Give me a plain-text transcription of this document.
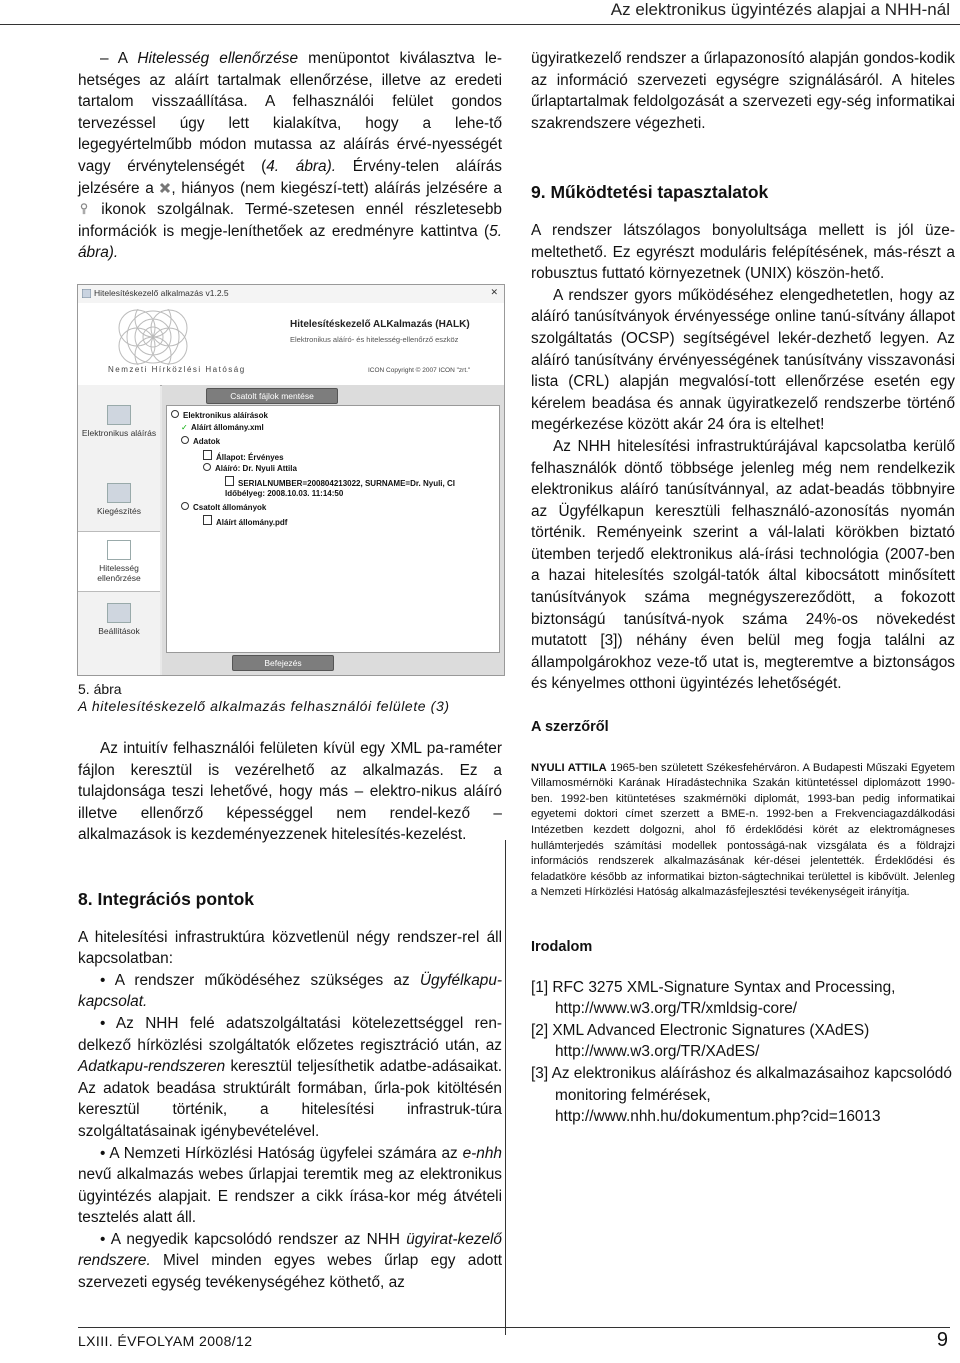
Az elektronikus ügyintézés alapjai a NHH-nál

– A Hitelesség ellenőrzése menüpontot kiválasztva le-hetséges az aláírt tartalmak ellenőrzése, illetve az eredeti tartalom visszaállítása. A felhasználói felület gondos tervezéssel úgy lett kialakítva, hogy a lehe-tő legegyértelműbb módon mutassa az aláírás érvé-nyességét vagy érvénytelenségét (4. ábra). Érvény-telen aláírás jelzésére a , hiányos (nem kiegészí-tett) aláírás jelzésére a  ikonok szolgálnak. Termé-szetesen ennél részletesebb információk is megje-leníthetőek az eredményre kattintva (5. ábra).

Hitelesítéskezelő alkalmazás v1.2.5	✕
Hitelesítéskezelő ALKalmazás (HALK)
Elektronikus aláíró- és hitelesség-ellenőrző eszköz
Nemzeti Hírközlési Hatóság	ICON Copyright © 2007 ICON "zrt."
Elektronikus aláírás
Kiegészítés
Hitelesség ellenőrzése
Beállítások
Csatolt fájlok mentése
Elektronikus aláírások
✓ Aláírt állomány.xml
Adatok
Állapot: Érvényes
Aláíró: Dr. Nyuli Attila
SERIALNUMBER=200804213022, SURNAME=Dr. Nyuli, CI
Időbélyeg: 2008.10.03. 11:14:50
Csatolt állományok
Aláírt állomány.pdf
Befejezés
5. ábra
A hitelesítéskezelő alkalmazás felhasználói felülete (3)

Az intuitív felhasználói felületen kívül egy XML pa-raméter fájlon keresztül is vezérelhető az alkalmazás. Ez a tulajdonsága teszi lehetővé, hogy más – elektro-nikus aláíró illetve ellenőrző képességgel nem rendel-kező – alkalmazások is kezdeményezzenek hitelesítés-kezelést.

8. Integrációs pontok

A hitelesítési infrastruktúra közvetlenül négy rendszer-rel áll kapcsolatban:

• A rendszer működéséhez szükséges az Ügyfélkapu-kapcsolat.

• Az NHH felé adatszolgáltatási kötelezettséggel ren-delkező hírközlési szolgáltatók előzetes regisztráció után, az Adatkapu-rendszeren keresztül teljesíthetik adatbe-adásaikat. Az adatok beadása struktúrált formában, űrla-pok kitöltésén keresztül történik, a hitelesítési infrastruk-túra szolgáltatásainak igénybevételével.

• A Nemzeti Hírközlési Hatóság ügyfelei számára az e-nhh nevű alkalmazás webes űrlapjai teremtik meg az elektronikus ügyintézés alapjait. E rendszer a cikk írása-kor még átvételi tesztelés alatt áll.

• A negyedik kapcsolódó rendszer az NHH ügyirat-kezelő rendszere. Mivel minden egyes webes űrlap egy adott szervezeti egység tevékenységéhez köthető, az

ügyiratkezelő rendszer a űrlapazonosító alapján gondos-kodik az információ szervezeti egységre szignálásáról. A hiteles űrlaptartalmak feldolgozását a szervezeti egy-ség informatikai szakrendszere végezheti.

9. Működtetési tapasztalatok

A rendszer látszólagos bonyolultsága mellett is jól üze-meltethető. Ez egyrészt moduláris felépítésének, más-részt a robusztus futtató környezetnek (UNIX) köszön-hető.

A rendszer gyors működéséhez elengedhetetlen, hogy az aláíró tanúsítványok érvényessége online tanú-sítvány állapot szolgáltatás (OCSP) segítségével lekér-dezhető legyen. Az aláíró tanúsítvány érvényességének tanúsítvány visszavonási lista (CRL) alapján megvalósí-tott ellenőrzése esetén egy kérelem beadása és annak ügyiratkezelő rendszerbe történő megérkezése között akár 24 óra is eltelhet!

Az NHH hitelesítési infrastruktúrájával kapcsolatba kerülő felhasználók döntő többsége jelenleg még nem rendelkezik elektronikus aláíró tanúsítvánnyal, az adat-beadás többnyire az Ügyfélkapun keresztüli felhasználó-azonosítás nyomán történik. Reményeink szerint a vál-lalati körökben biztató ütemben terjedő elektronikus alá-írási technológia (2007-ben a hazai hitelesítés szolgál-tatók által kibocsátott minősített tanúsítványok száma megnégyszereződött, a fokozott biztonságú tanúsítvá-nyok száma 24%-os növekedést mutatott [3]) néhány éven belül meg fogja találni az állampolgárokhoz veze-tő utat is, megteremtve a biztonságos és kényelmes otthoni ügyintézés lehetőségét.

A szerzőről

NYULI ATTILA 1965-ben született Székesfehérváron. A Budapesti Műszaki Egyetem Villamosmérnöki Karának Híradástechnika Szakán kitüntetéssel diplomázott 1990-ben. 1992-ben kitüntetéses szakmérnöki diplomát, 1993-ban pedig informatikai egyetemi doktori címet szerzett a BME-n. 1992-ben a Frekvenciagazdálkodási Intézetben kezdett dolgozni, ahol fő érdeklődési körét az elektromágneses hullámterjedés számítási modellek pontosságá-nak vizsgálata és a földrajzi információs rendszerek alkalmazásának kér-dései jelentették. Érdeklődési és feladatköre később az informatikai bizton-ságtechnikai területtel is kibővült. Jelenleg a Nemzeti Hírközlési Hatóság alkalmazásfejlesztési tevékenységeit irányítja.

Irodalom

[1] RFC 3275 XML-Signature Syntax and Processing,
http://www.w3.org/TR/xmldsig-core/
[2] XML Advanced Electronic Signatures (XAdES)
http://www.w3.org/TR/XAdES/
[3] Az elektronikus aláíráshoz és alkalmazásaihoz kapcsolódó monitoring felmérések,
http://www.nhh.hu/dokumentum.php?cid=16013
LXIII. ÉVFOLYAM 2008/12	9
